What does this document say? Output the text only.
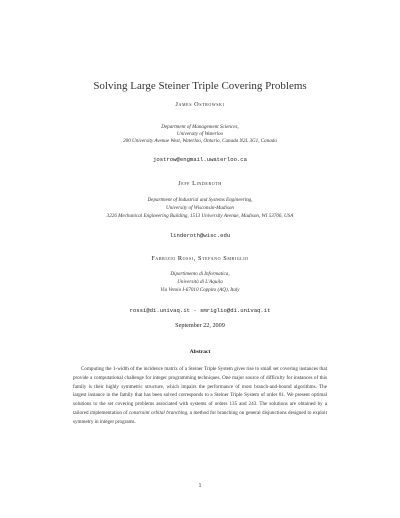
Solving Large Steiner Triple Covering Problems
James Ostrowski
Department of Management Sciences,
University of Waterloo
200 University Avenue West, Waterloo, Ontario, Canada N2L 3G1, Canada
jostrow@engmail.uwaterloo.ca
Jeff Linderoth
Department of Industrial and Systems Engineering,
University of Wisconsin-Madison
3226 Mechanical Engineering Building, 1513 University Avenue, Madison, WI 53706, USA
linderoth@wisc.edu
Fabrizio Rossi, Stefano Smriglio
Dipartimento di Informatica,
Università di L'Aquila
Via Vetoio I-67010 Coppito (AQ), Italy
rossi@di.univaq.it · smriglio@di.univaq.it
September 22, 2009
Abstract
Computing the 1-width of the incidence matrix of a Steiner Triple System gives rise to small set covering instances that provide a computational challenge for integer programming techniques. One major source of difficulty for instances of this family is their highly symmetric structure, which impairs the performance of most branch-and-bound algorithms. The largest instance in the family that has been solved corresponds to a Steiner Triple System of order 81. We present optimal solutions to the set covering problems associated with systems of orders 135 and 243. The solutions are obtained by a tailored implementation of constraint orbital branching, a method for branching on general disjunctions designed to exploit symmetry in integer programs.
1
